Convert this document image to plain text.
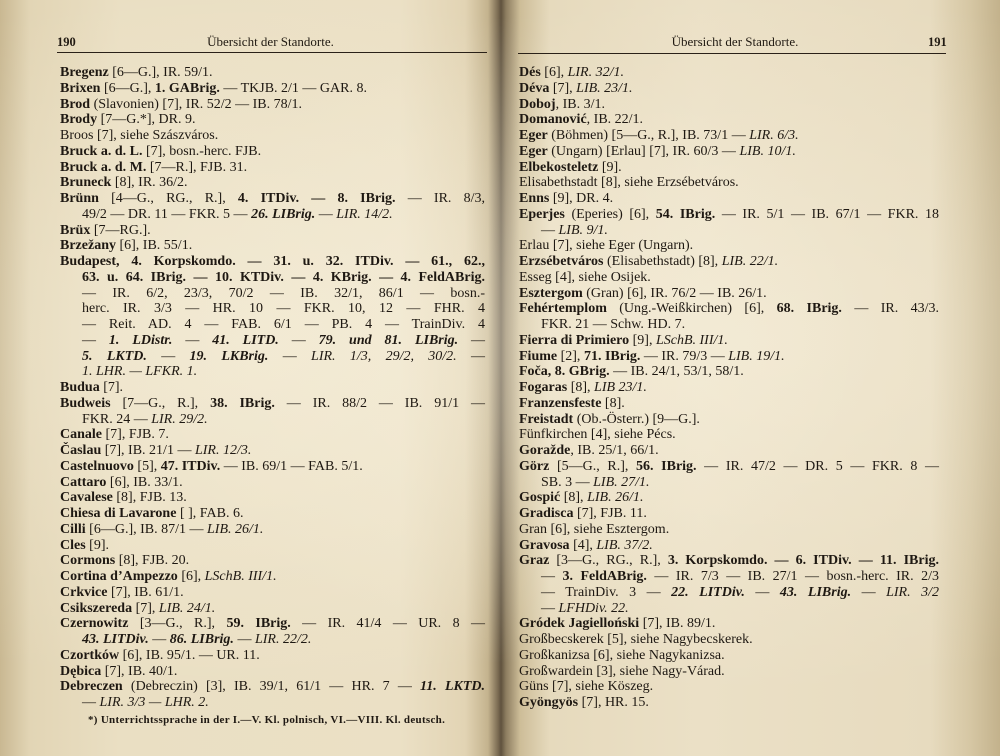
190	Übersicht der Standorte.	Übersicht der Standorte.	191
Bregenz [6—G.], IR. 59/1.
Brixen [6—G.], 1. GABrig. — TKJB. 2/1 — GAR. 8.
Brod (Slavonien) [7], IR. 52/2 — IB. 78/1.
Brody [7—G.*], DR. 9.
Broos [7], siehe Szászváros.
Bruck a. d. L. [7], bosn.-herc. FJB.
Bruck a. d. M. [7—R.], FJB. 31.
Bruneck [8], IR. 36/2.
Brünn [4—G., RG., R.], 4. ITDiv. — 8. IBrig. — IR. 8/3,
49/2 — DR. 11 — FKR. 5 — 26. LIBrig. — LIR. 14/2.
Brüx [7—RG.].
Brzežany [6], IB. 55/1.
Budapest, 4. Korpskomdo. — 31. u. 32. ITDiv. — 61., 62.,
63. u. 64. IBrig. — 10. KTDiv. — 4. KBrig. — 4. FeldABrig.
— IR. 6/2, 23/3, 70/2 — IB. 32/1, 86/1 — bosn.-
herc. IR. 3/3 — HR. 10 — FKR. 10, 12 — FHR. 4
— Reit. AD. 4 — FAB. 6/1 — PB. 4 — TrainDiv. 4
— 1. LDistr. — 41. LITD. — 79. und 81. LIBrig. —
5. LKTD. — 19. LKBrig. — LIR. 1/3, 29/2, 30/2. —
1. LHR. — LFKR. 1.
Budua [7].
Budweis [7—G., R.], 38. IBrig. — IR. 88/2 — IB. 91/1 —
FKR. 24 — LIR. 29/2.
Canale [7], FJB. 7.
Časlau [7], IB. 21/1 — LIR. 12/3.
Castelnuovo [5], 47. ITDiv. — IB. 69/1 — FAB. 5/1.
Cattaro [6], IB. 33/1.
Cavalese [8], FJB. 13.
Chiesa di Lavarone [ ], FAB. 6.
Cilli [6—G.], IB. 87/1 — LIB. 26/1.
Cles [9].
Cormons [8], FJB. 20.
Cortina d’Ampezzo [6], LSchB. III/1.
Crkvice [7], IB. 61/1.
Csikszereda [7], LIB. 24/1.
Czernowitz [3—G., R.], 59. IBrig. — IR. 41/4 — UR. 8 —
43. LITDiv. — 86. LIBrig. — LIR. 22/2.
Czortków [6], IB. 95/1. — UR. 11.
Dębica [7], IB. 40/1.
Debreczen (Debreczin) [3], IB. 39/1, 61/1 — HR. 7 — 11. LKTD.
— LIR. 3/3 — LHR. 2.
Dés [6], LIR. 32/1.
Déva [7], LIB. 23/1.
Doboj, IB. 3/1.
Domanović, IB. 22/1.
Eger (Böhmen) [5—G., R.], IB. 73/1 — LIR. 6/3.
Eger (Ungarn) [Erlau] [7], IR. 60/3 — LIB. 10/1.
Elbekosteletz [9].
Elisabethstadt [8], siehe Erzsébetváros.
Enns [9], DR. 4.
Eperjes (Eperies) [6], 54. IBrig. — IR. 5/1 — IB. 67/1 — FKR. 18
— LIB. 9/1.
Erlau [7], siehe Eger (Ungarn).
Erzsébetváros (Elisabethstadt) [8], LIB. 22/1.
Esseg [4], siehe Osijek.
Esztergom (Gran) [6], IR. 76/2 — IB. 26/1.
Fehértemplom (Ung.-Weißkirchen) [6], 68. IBrig. — IR. 43/3.
FKR. 21 — Schw. HD. 7.
Fierra di Primiero [9], LSchB. III/1.
Fiume [2], 71. IBrig. — IR. 79/3 — LIB. 19/1.
Foča, 8. GBrig. — IB. 24/1, 53/1, 58/1.
Fogaras [8], LIB 23/1.
Franzensfeste [8].
Freistadt (Ob.-Österr.) [9—G.].
Fünfkirchen [4], siehe Pécs.
Goražde, IB. 25/1, 66/1.
Görz [5—G., R.], 56. IBrig. — IR. 47/2 — DR. 5 — FKR. 8 —
SB. 3 — LIB. 27/1.
Gospić [8], LIB. 26/1.
Gradisca [7], FJB. 11.
Gran [6], siehe Esztergom.
Gravosa [4], LIB. 37/2.
Graz [3—G., RG., R.], 3. Korpskomdo. — 6. ITDiv. — 11. IBrig.
— 3. FeldABrig. — IR. 7/3 — IB. 27/1 — bosn.-herc. IR. 2/3
— TrainDiv. 3 — 22. LITDiv. — 43. LIBrig. — LIR. 3/2
— LFHDiv. 22.
Gródek Jagielloński [7], IB. 89/1.
Großbecskerek [5], siehe Nagybecskerek.
Großkanizsa [6], siehe Nagykanizsa.
Großwardein [3], siehe Nagy-Várad.
Güns [7], siehe Köszeg.
Gyöngyös [7], HR. 15.
*) Unterrichtssprache in der I.—V. Kl. polnisch, VI.—VIII. Kl. deutsch.
